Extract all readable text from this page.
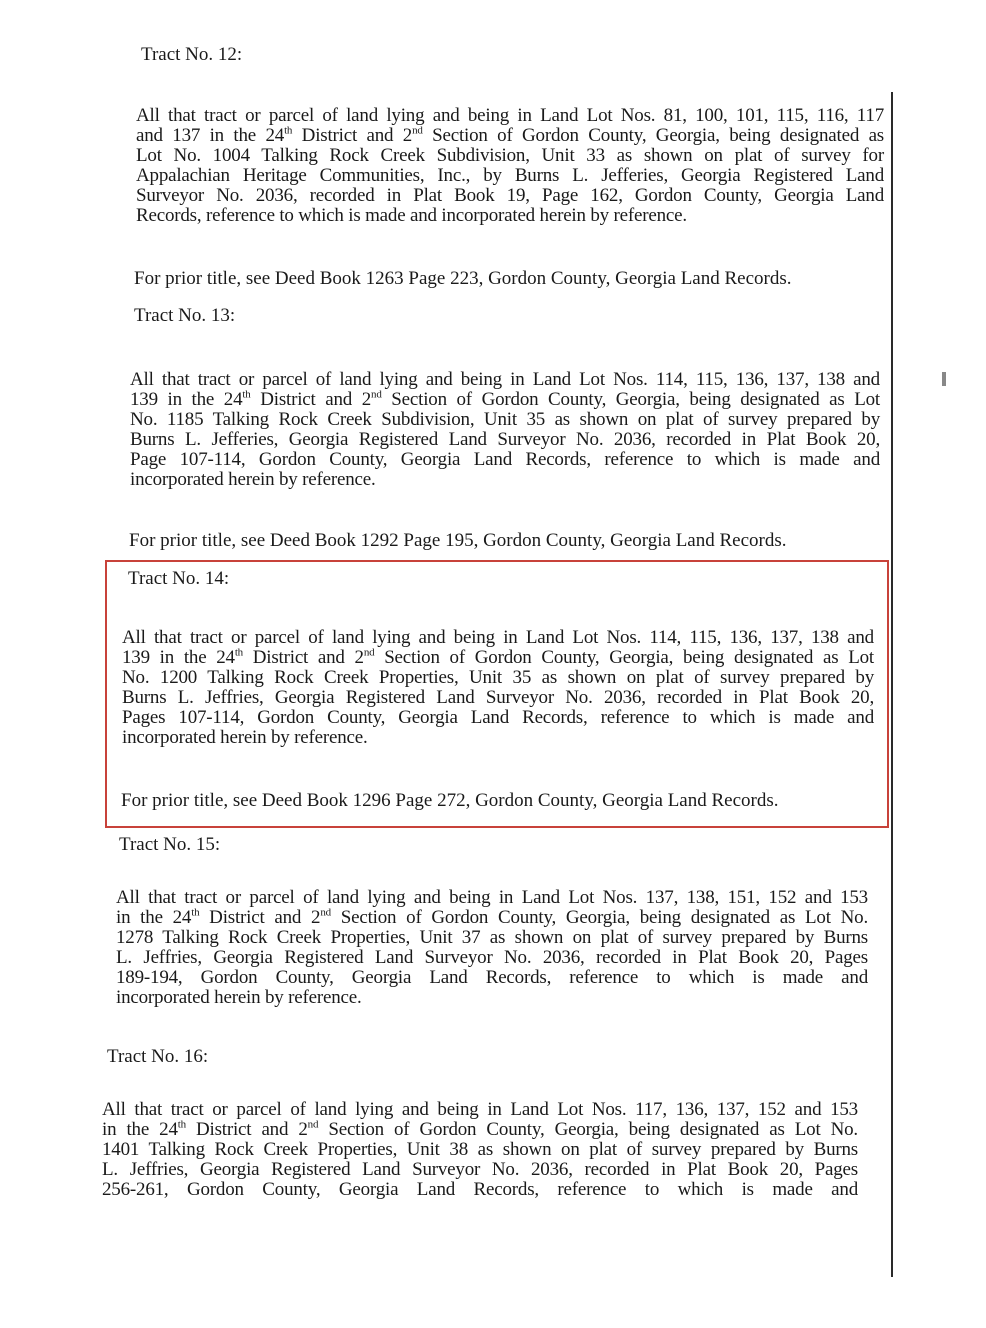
Tract No. 12:
All that tract or parcel of land lying and being in Land Lot Nos. 81, 100, 101, 115, 116, 117
and 137 in the 24th District and 2nd Section of Gordon County, Georgia, being designated as
Lot No. 1004 Talking Rock Creek Subdivision, Unit 33 as shown on plat of survey for
Appalachian Heritage Communities, Inc., by Burns L. Jefferies, Georgia Registered Land
Surveyor No. 2036, recorded in Plat Book 19, Page 162, Gordon County, Georgia Land
Records, reference to which is made and incorporated herein by reference.
For prior title, see Deed Book 1263 Page 223, Gordon County, Georgia Land Records.
Tract No. 13:
All that tract or parcel of land lying and being in Land Lot Nos. 114, 115, 136, 137, 138 and
139 in the 24th District and 2nd Section of Gordon County, Georgia, being designated as Lot
No. 1185 Talking Rock Creek Subdivision, Unit 35 as shown on plat of survey prepared by
Burns L. Jefferies, Georgia Registered Land Surveyor No. 2036, recorded in Plat Book 20,
Page 107-114, Gordon County, Georgia Land Records, reference to which is made and
incorporated herein by reference.
For prior title, see Deed Book 1292 Page 195, Gordon County, Georgia Land Records.
Tract No. 14:
All that tract or parcel of land lying and being in Land Lot Nos. 114, 115, 136, 137, 138 and
139 in the 24th District and 2nd Section of Gordon County, Georgia, being designated as Lot
No. 1200 Talking Rock Creek Properties, Unit 35 as shown on plat of survey prepared by
Burns L. Jeffries, Georgia Registered Land Surveyor No. 2036, recorded in Plat Book 20,
Pages 107-114, Gordon County, Georgia Land Records, reference to which is made and
incorporated herein by reference.
For prior title, see Deed Book 1296 Page 272, Gordon County, Georgia Land Records.
Tract No. 15:
All that tract or parcel of land lying and being in Land Lot Nos. 137, 138, 151, 152 and 153
in the 24th District and 2nd Section of Gordon County, Georgia, being designated as Lot No.
1278 Talking Rock Creek Properties, Unit 37 as shown on plat of survey prepared by Burns
L. Jeffries, Georgia Registered Land Surveyor No. 2036, recorded in Plat Book 20, Pages
189-194, Gordon County, Georgia Land Records, reference to which is made and
incorporated herein by reference.
Tract No. 16:
All that tract or parcel of land lying and being in Land Lot Nos. 117, 136, 137, 152 and 153
in the 24th District and 2nd Section of Gordon County, Georgia, being designated as Lot No.
1401 Talking Rock Creek Properties, Unit 38 as shown on plat of survey prepared by Burns
L. Jeffries, Georgia Registered Land Surveyor No. 2036, recorded in Plat Book 20, Pages
256-261, Gordon County, Georgia Land Records, reference to which is made and
